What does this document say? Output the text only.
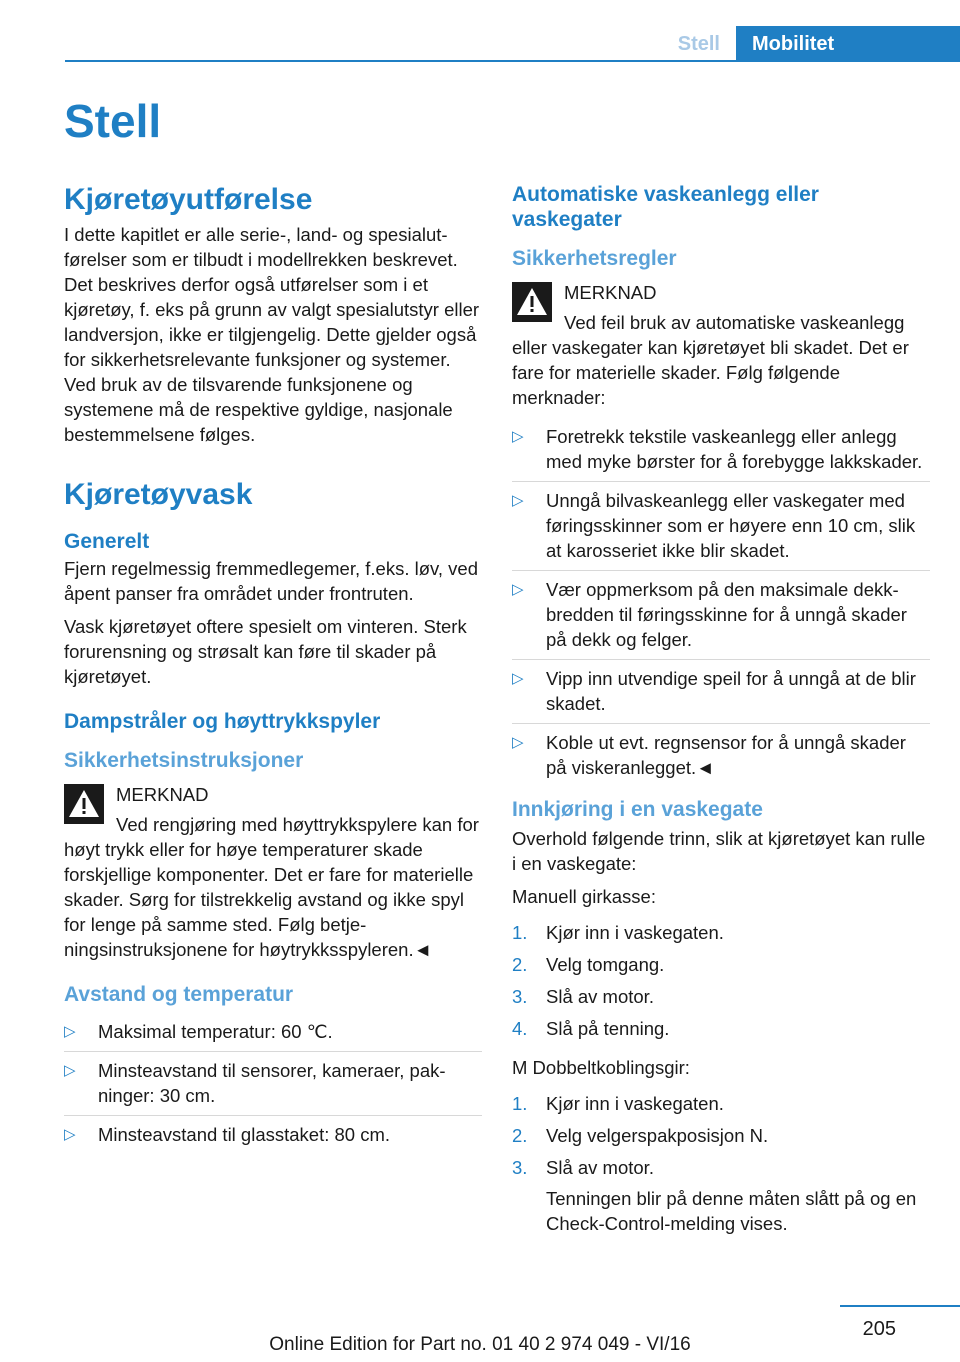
Stell	Mobilitet
Stell
Kjøretøyutførelse

I dette kapitlet er alle serie-, land- og spesialutførelser som er tilbudt i modellrekken beskrevet. Det beskrives derfor også utførelser som i et kjøretøy, f. eks på grunn av valgt spesialutstyr eller landversjon, ikke er tilgjengelig. Dette gjelder også for sikkerhetsrelevante funksjoner og systemer. Ved bruk av de tilsvarende funksjonene og systemene må de respektive gyldige, nasjonale bestemmelsene følges.

Kjøretøyvask
Generelt

Fjern regelmessig fremmedlegemer, f.eks. løv, ved åpent panser fra området under frontruten.

Vask kjøretøyet oftere spesielt om vinteren. Sterk forurensning og strøsalt kan føre til skader på kjøretøyet.

Dampstråler og høyttrykkspyler
Sikkerhetsinstruksjoner
MERKNAD

Ved rengjøring med høyttrykkspylere kan for høyt trykk eller for høye temperaturer skade forskjellige komponenter. Det er fare for materielle skader. Sørg for tilstrekkelig avstand og ikke spyl for lenge på samme sted. Følg betjeningsinstruksjonene for høytrykksspyleren.◄

Avstand og temperatur
▷	Maksimal temperatur: 60 ℃.
▷	Minsteavstand til sensorer, kameraer, pakninger: 30 cm.
▷	Minsteavstand til glasstaket: 80 cm.
Automatiske vaskeanlegg eller vaskegater
Sikkerhetsregler
MERKNAD

Ved feil bruk av automatiske vaskeanlegg eller vaskegater kan kjøretøyet bli skadet. Det er fare for materielle skader. Følg følgende merknader:

▷	Foretrekk tekstile vaskeanlegg eller anlegg med myke børster for å forebygge lakkskader.
▷	Unngå bilvaskeanlegg eller vaskegater med føringsskinner som er høyere enn 10 cm, slik at karosseriet ikke blir skadet.
▷	Vær oppmerksom på den maksimale dekkbredden til føringsskinne for å unngå skader på dekk og felger.
▷	Vipp inn utvendige speil for å unngå at de blir skadet.
▷	Koble ut evt. regnsensor for å unngå skader på viskeranlegget.◄
Innkjøring i en vaskegate

Overhold følgende trinn, slik at kjøretøyet kan rulle i en vaskegate:

Manuell girkasse:

1.	Kjør inn i vaskegaten.
2.	Velg tomgang.
3.	Slå av motor.
4.	Slå på tenning.

M Dobbeltkoblingsgir:

1.	Kjør inn i vaskegaten.
2.	Velg velgerspakposisjon N.
3.	Slå av motor.
Tenningen blir på denne måten slått på og en Check-Control-melding vises.
205
Online Edition for Part no. 01 40 2 974 049 - VI/16
